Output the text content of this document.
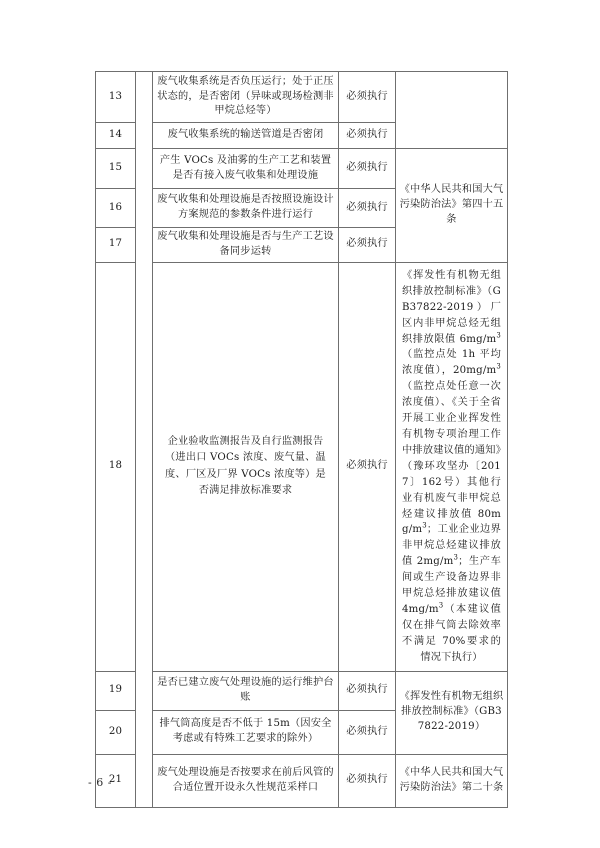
13		废气收集系统是否负压运行；处于正压状态的，是否密闭（异味或现场检测非甲烷总烃等）	必须执行	
14		废气收集系统的输送管道是否密闭	必须执行	
15		产生 VOCs 及油雾的生产工艺和装置是否有接入废气收集和处理设施	必须执行	《中华人民共和国大气污染防治法》第四十五条
16		废气收集和处理设施是否按照设施设计方案规范的参数条件进行运行	必须执行	
17		废气收集和处理设施是否与生产工艺设备同步运转	必须执行	
18		企业验收监测报告及自行监测报告（进出口 VOCs 浓度、废气量、温度、厂区及厂界 VOCs 浓度等）是否满足排放标准要求	必须执行	《挥发性有机物无组织排放控制标准》（GB37822-2019）厂区内非甲烷总烃无组织排放限值 $6mg/m^3$（监控点处 1h 平均浓度值），$20mg/m^3$（监控点处任意一次浓度值）、《关于全省开展工业企业挥发性有机物专项治理工作中排放建议值的通知》（豫环攻坚办〔2017〕162号）其他行业有机废气非甲烷总烃建议排放值 $80mg/m^3$；工业企业边界非甲烷总烃建议排放值 $2mg/m^3$；生产车间或生产设备边界非甲烷总烃排放建议值 $4mg/m^3$（本建议值仅在排气筒去除效率不满足 70%要求的情况下执行）
19		是否已建立废气处理设施的运行维护台账	必须执行	《挥发性有机物无组织排放控制标准》（GB37822-2019）
20		排气筒高度是否不低于 15m（因安全考虑或有特殊工艺要求的除外）	必须执行	
21		废气处理设施是否按要求在前后风管的合适位置开设永久性规范采样口	必须执行	《中华人民共和国大气污染防治法》第二十条
- 6 -
